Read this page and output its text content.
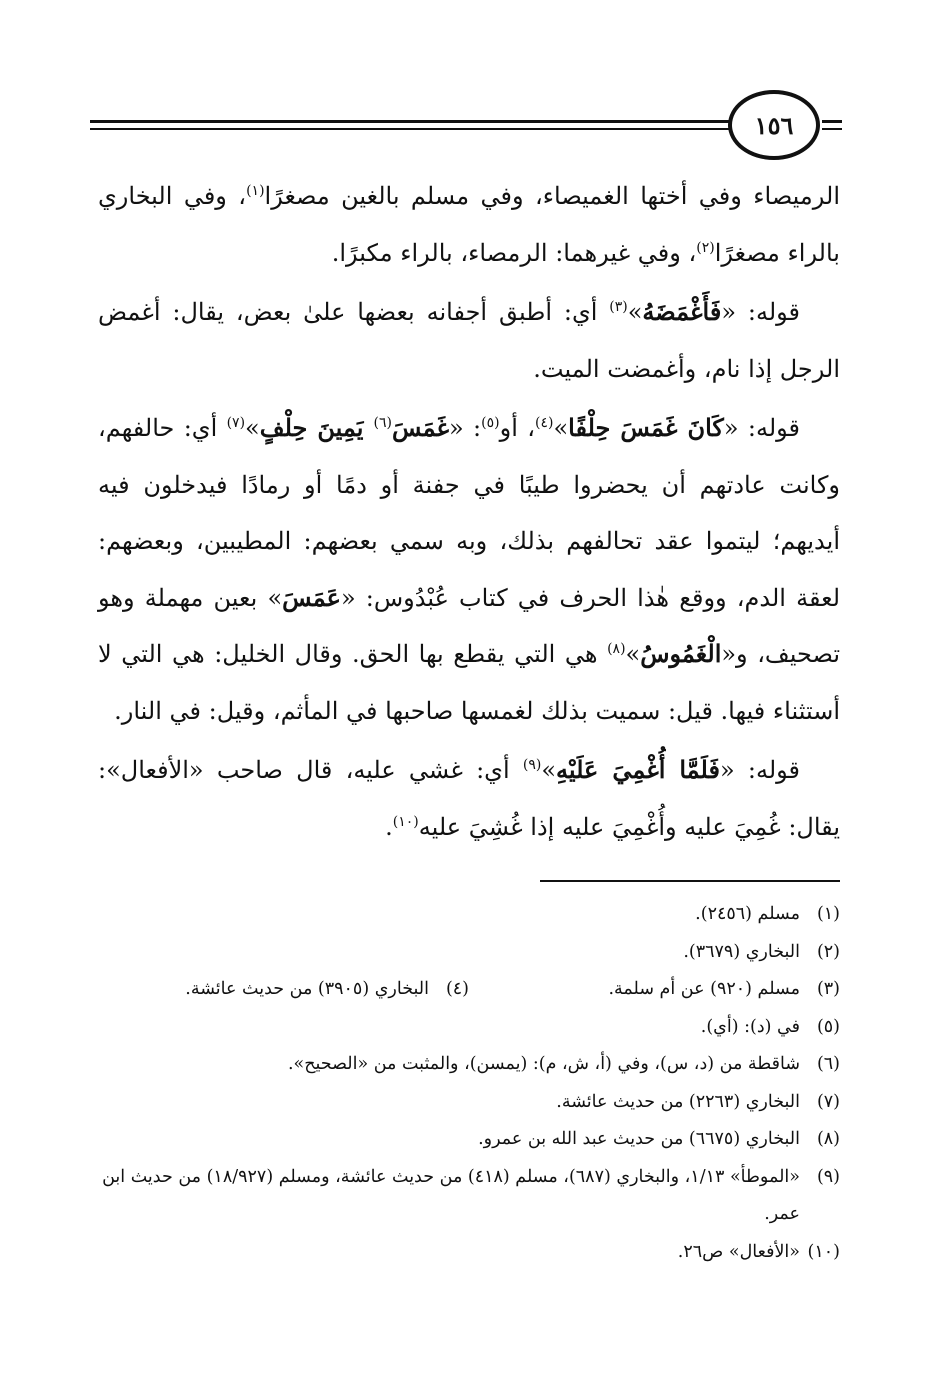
١٥٦

الرميصاء وفي أختها الغميصاء، وفي مسلم بالغين مصغرًا$^{(١)}$، وفي البخاري بالراء مصغرًا$^{(٢)}$، وفي غيرهما: الرمصاء، بالراء مكبرًا.

قوله: «فَأَغْمَضَهُ»$^{(٣)}$ أي: أطبق أجفانه بعضها علىٰ بعض، يقال: أغمض الرجل إذا نام، وأغمضت الميت.

قوله: «كَانَ غَمَسَ حِلْفًا»$^{(٤)}$، أو$^{(٥)}$: «غَمَسَ$^{(٦)}$ يَمِينَ حِلْفٍ»$^{(٧)}$ أي: حالفهم، وكانت عادتهم أن يحضروا طيبًا في جفنة أو دمًا أو رمادًا فيدخلون فيه أيديهم؛ ليتموا عقد تحالفهم بذلك، وبه سمي بعضهم: المطيبين، وبعضهم: لعقة الدم، ووقع هٰذا الحرف في كتاب عُبْدُوس: «عَمَسَ» بعين مهملة وهو تصحيف، و«الْغَمُوسُ»$^{(٨)}$ هي التي يقطع بها الحق. وقال الخليل: هي التي لا أستثناء فيها. قيل: سميت بذلك لغمسها صاحبها في المأثم، وقيل: في النار.

قوله: «فَلَمَّا أُغْمِيَ عَلَيْهِ»$^{(٩)}$ أي: غشي عليه، قال صاحب «الأفعال»: يقال: غُمِيَ عليه وأُغْمِيَ عليه إذا غُشِيَ عليه$^{(١٠)}$.

(١)
مسلم (٢٤٥٦).
(٢)
البخاري (٣٦٧٩).
(٣)
مسلم (٩٢٠) عن أم سلمة.
(٤)
البخاري (٣٩٠٥) من حديث عائشة.
(٥)
في (د): (أي).
(٦)
شاقطة من (د، س)، وفي (أ، ش، م): (يمسن)، والمثبت من «الصحيح».
(٧)
البخاري (٢٢٦٣) من حديث عائشة.
(٨)
البخاري (٦٦٧٥) من حديث عبد الله بن عمرو.
(٩)
«الموطأ» ١/١٣، والبخاري (٦٨٧)، مسلم (٤١٨) من حديث عائشة، ومسلم (١٨/٩٢٧) من حديث ابن عمر.
(١٠)
«الأفعال» ص٢٦.
